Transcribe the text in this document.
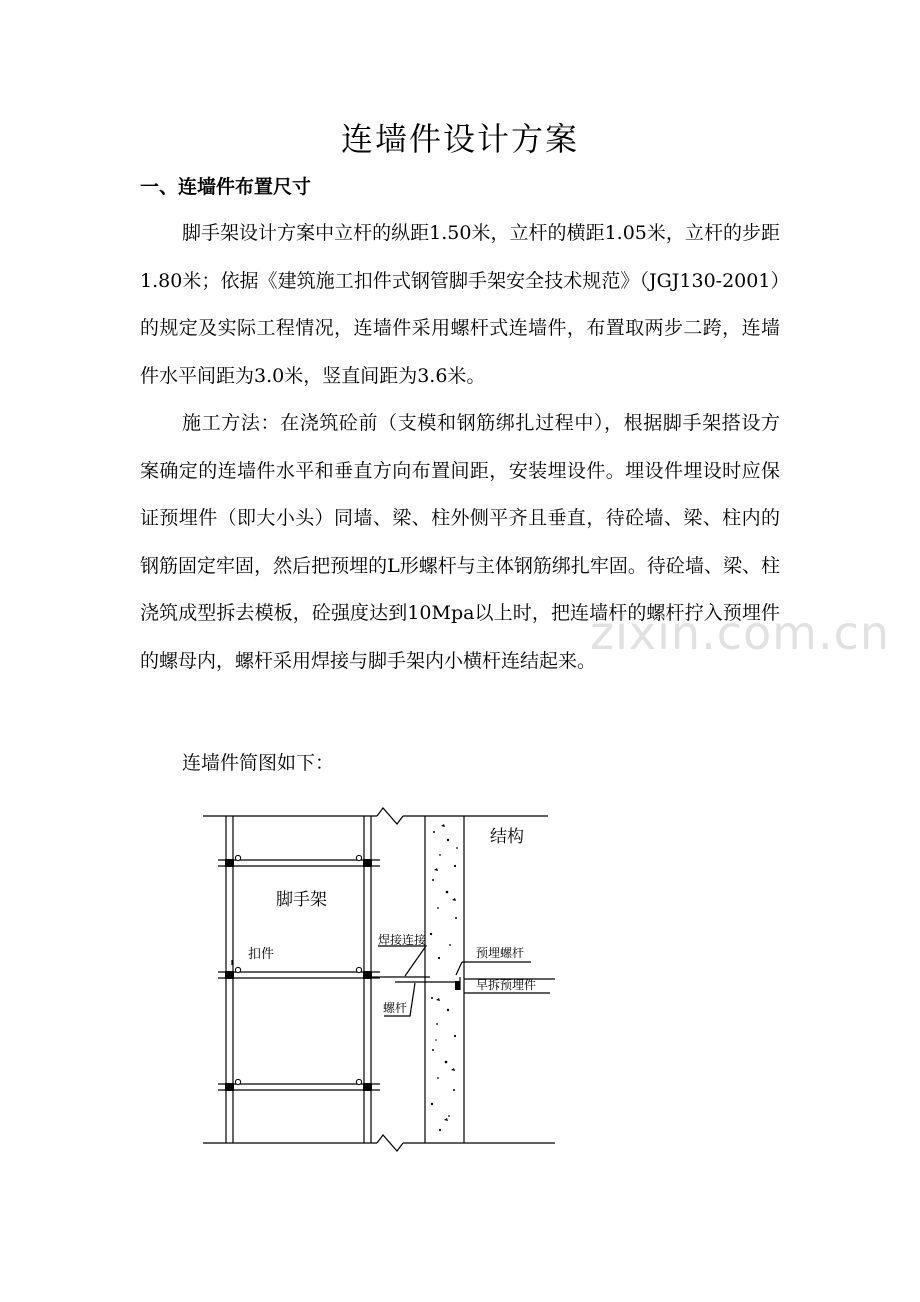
连墙件设计方案
一、连墙件布置尺寸

脚手架设计方案中立杆的纵距1.50米，立杆的横距1.05米，立杆的步距1.80米；依据《建筑施工扣件式钢管脚手架安全技术规范》（JGJ130-2001）的规定及实际工程情况，连墙件采用螺杆式连墙件，布置取两步二跨，连墙件水平间距为3.0米，竖直间距为3.6米。

施工方法：在浇筑砼前（支模和钢筋绑扎过程中），根据脚手架搭设方案确定的连墙件水平和垂直方向布置间距，安装埋设件。埋设件埋设时应保证预埋件（即大小头）同墙、梁、柱外侧平齐且垂直，待砼墙、梁、柱内的钢筋固定牢固，然后把预埋的L形螺杆与主体钢筋绑扎牢固。待砼墙、梁、柱浇筑成型拆去模板，砼强度达到10Mpa以上时，把连墙杆的螺杆拧入预埋件的螺母内，螺杆采用焊接与脚手架内小横杆连结起来。

连墙件简图如下：

zixin.com.cn
结构
脚手架
扣件
焊接连接
预埋螺杆
螺杆
早拆预埋件
